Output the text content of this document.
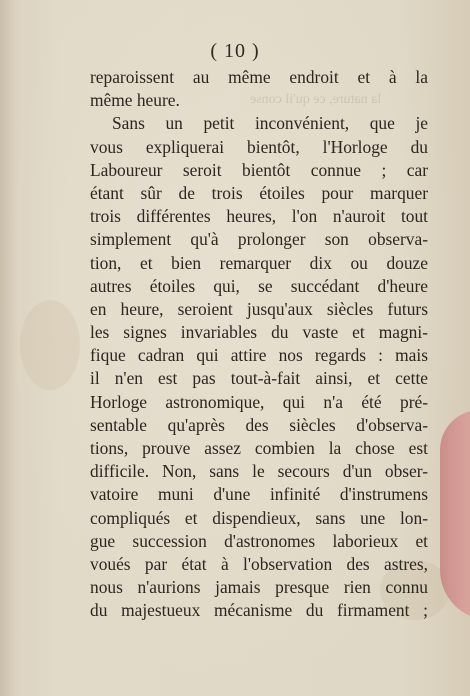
la nature, ce qu'il conse
( 10 )
reparoissent au même endroit et à la
même heure.
Sans un petit inconvénient, que je
vous expliquerai bientôt, l'Horloge du
Laboureur seroit bientôt connue ; car
étant sûr de trois étoiles pour marquer
trois différentes heures, l'on n'auroit tout
simplement qu'à prolonger son observa-
tion, et bien remarquer dix ou douze
autres étoiles qui, se succédant d'heure
en heure, seroient jusqu'aux siècles futurs
les signes invariables du vaste et magni-
fique cadran qui attire nos regards : mais
il n'en est pas tout-à-fait ainsi, et cette
Horloge astronomique, qui n'a été pré-
sentable qu'après des siècles d'observa-
tions, prouve assez combien la chose est
difficile. Non, sans le secours d'un obser-
vatoire muni d'une infinité d'instrumens
compliqués et dispendieux, sans une lon-
gue succession d'astronomes laborieux et
voués par état à l'observation des astres,
nous n'aurions jamais presque rien connu
du majestueux mécanisme du firmament ;
